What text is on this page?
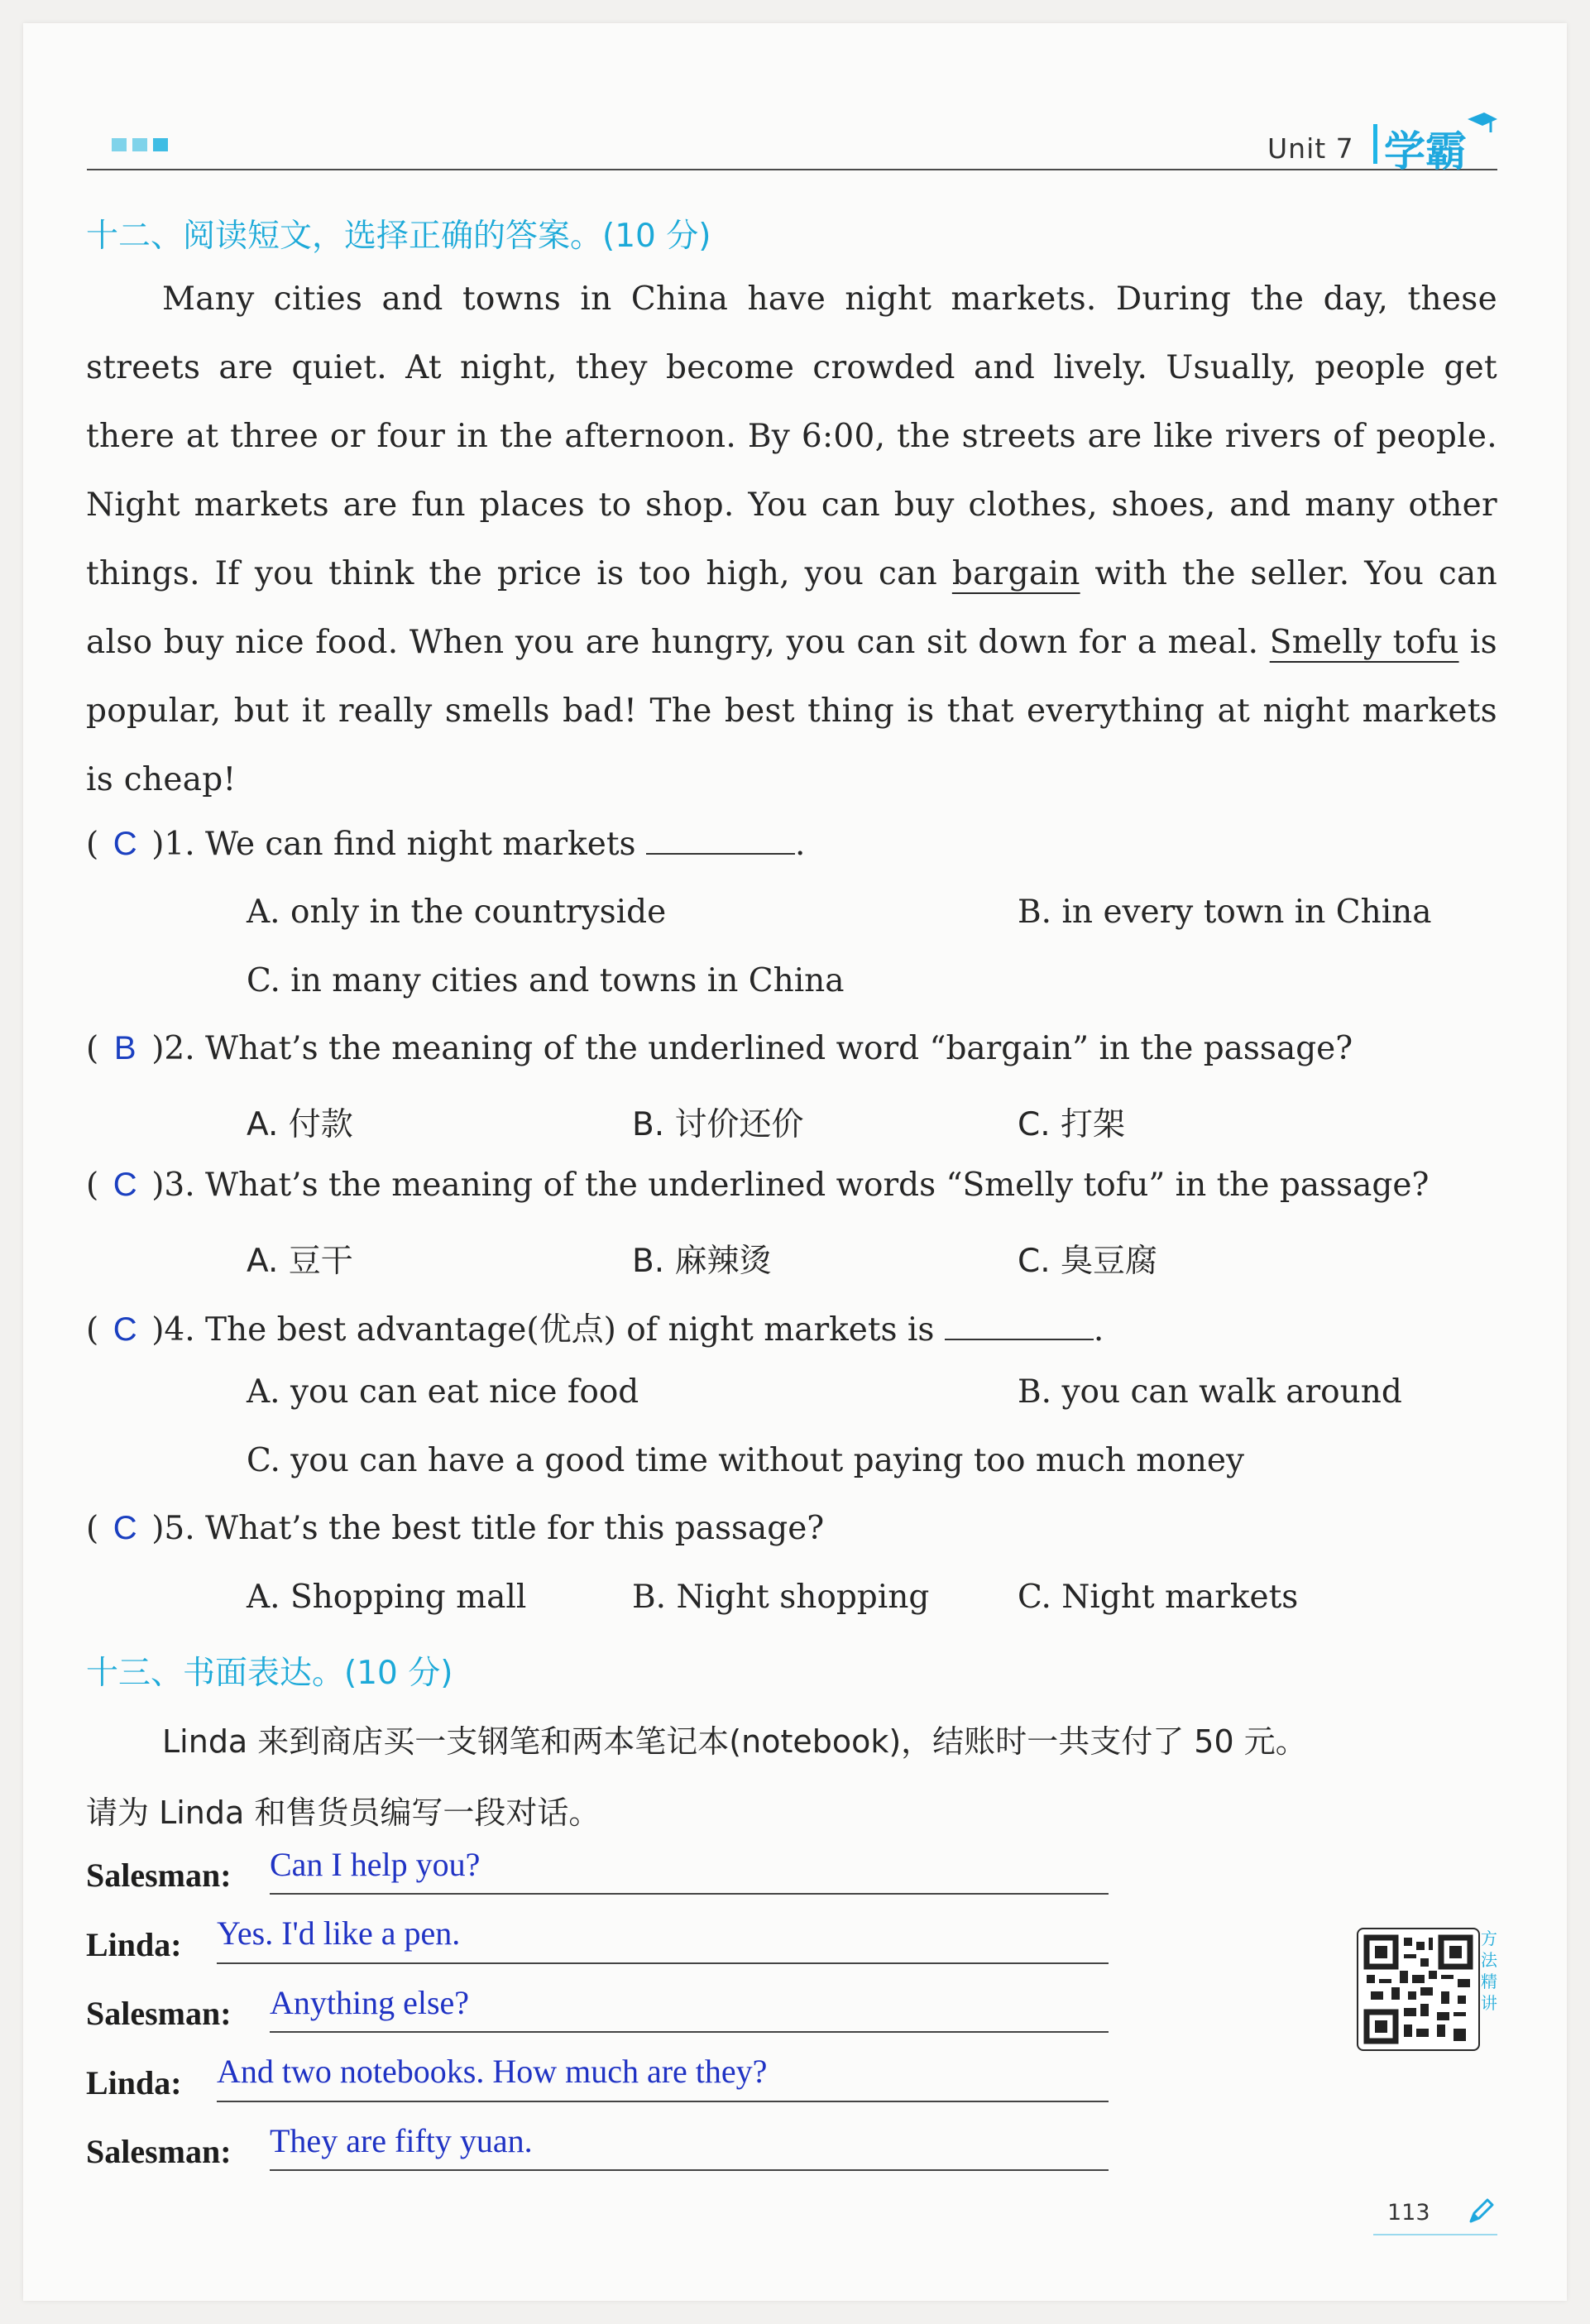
Unit 7 学霸
十二、阅读短文，选择正确的答案。(10 分)

Many cities and towns in China have night markets. During the day, these streets are quiet. At night, they become crowded and lively. Usually, people get there at three or four in the afternoon. By 6:00, the streets are like rivers of people. Night markets are fun places to shop. You can buy clothes, shoes, and many other things. If you think the price is too high, you can bargain with the seller. You can also buy nice food. When you are hungry, you can sit down for a meal. Smelly tofu is popular, but it really smells bad! The best thing is that everything at night markets is cheap!

( C )1. We can find night markets	.
A. only in the countryside	B. in every town in China
C. in many cities and towns in China
( B )2. What’s the meaning of the underlined word “bargain” in the passage?
A. 付款	B. 讨价还价	C. 打架
( C )3. What’s the meaning of the underlined words “Smelly tofu” in the passage?
A. 豆干	B. 麻辣烫	C. 臭豆腐
( C )4. The best advantage(优点) of night markets is	.
A. you can eat nice food	B. you can walk around
C. you can have a good time without paying too much money
( C )5. What’s the best title for this passage?
A. Shopping mall	B. Night shopping	C. Night markets
十三、书面表达。(10 分)
Linda 来到商店买一支钢笔和两本笔记本(notebook)，结账时一共支付了 50 元。
请为 Linda 和售货员编写一段对话。
Salesman: Can I help you?
Linda: Yes. I'd like a pen.
Salesman: Anything else?
Linda: And two notebooks. How much are they?
Salesman: They are fifty yuan.
方法精讲
113
